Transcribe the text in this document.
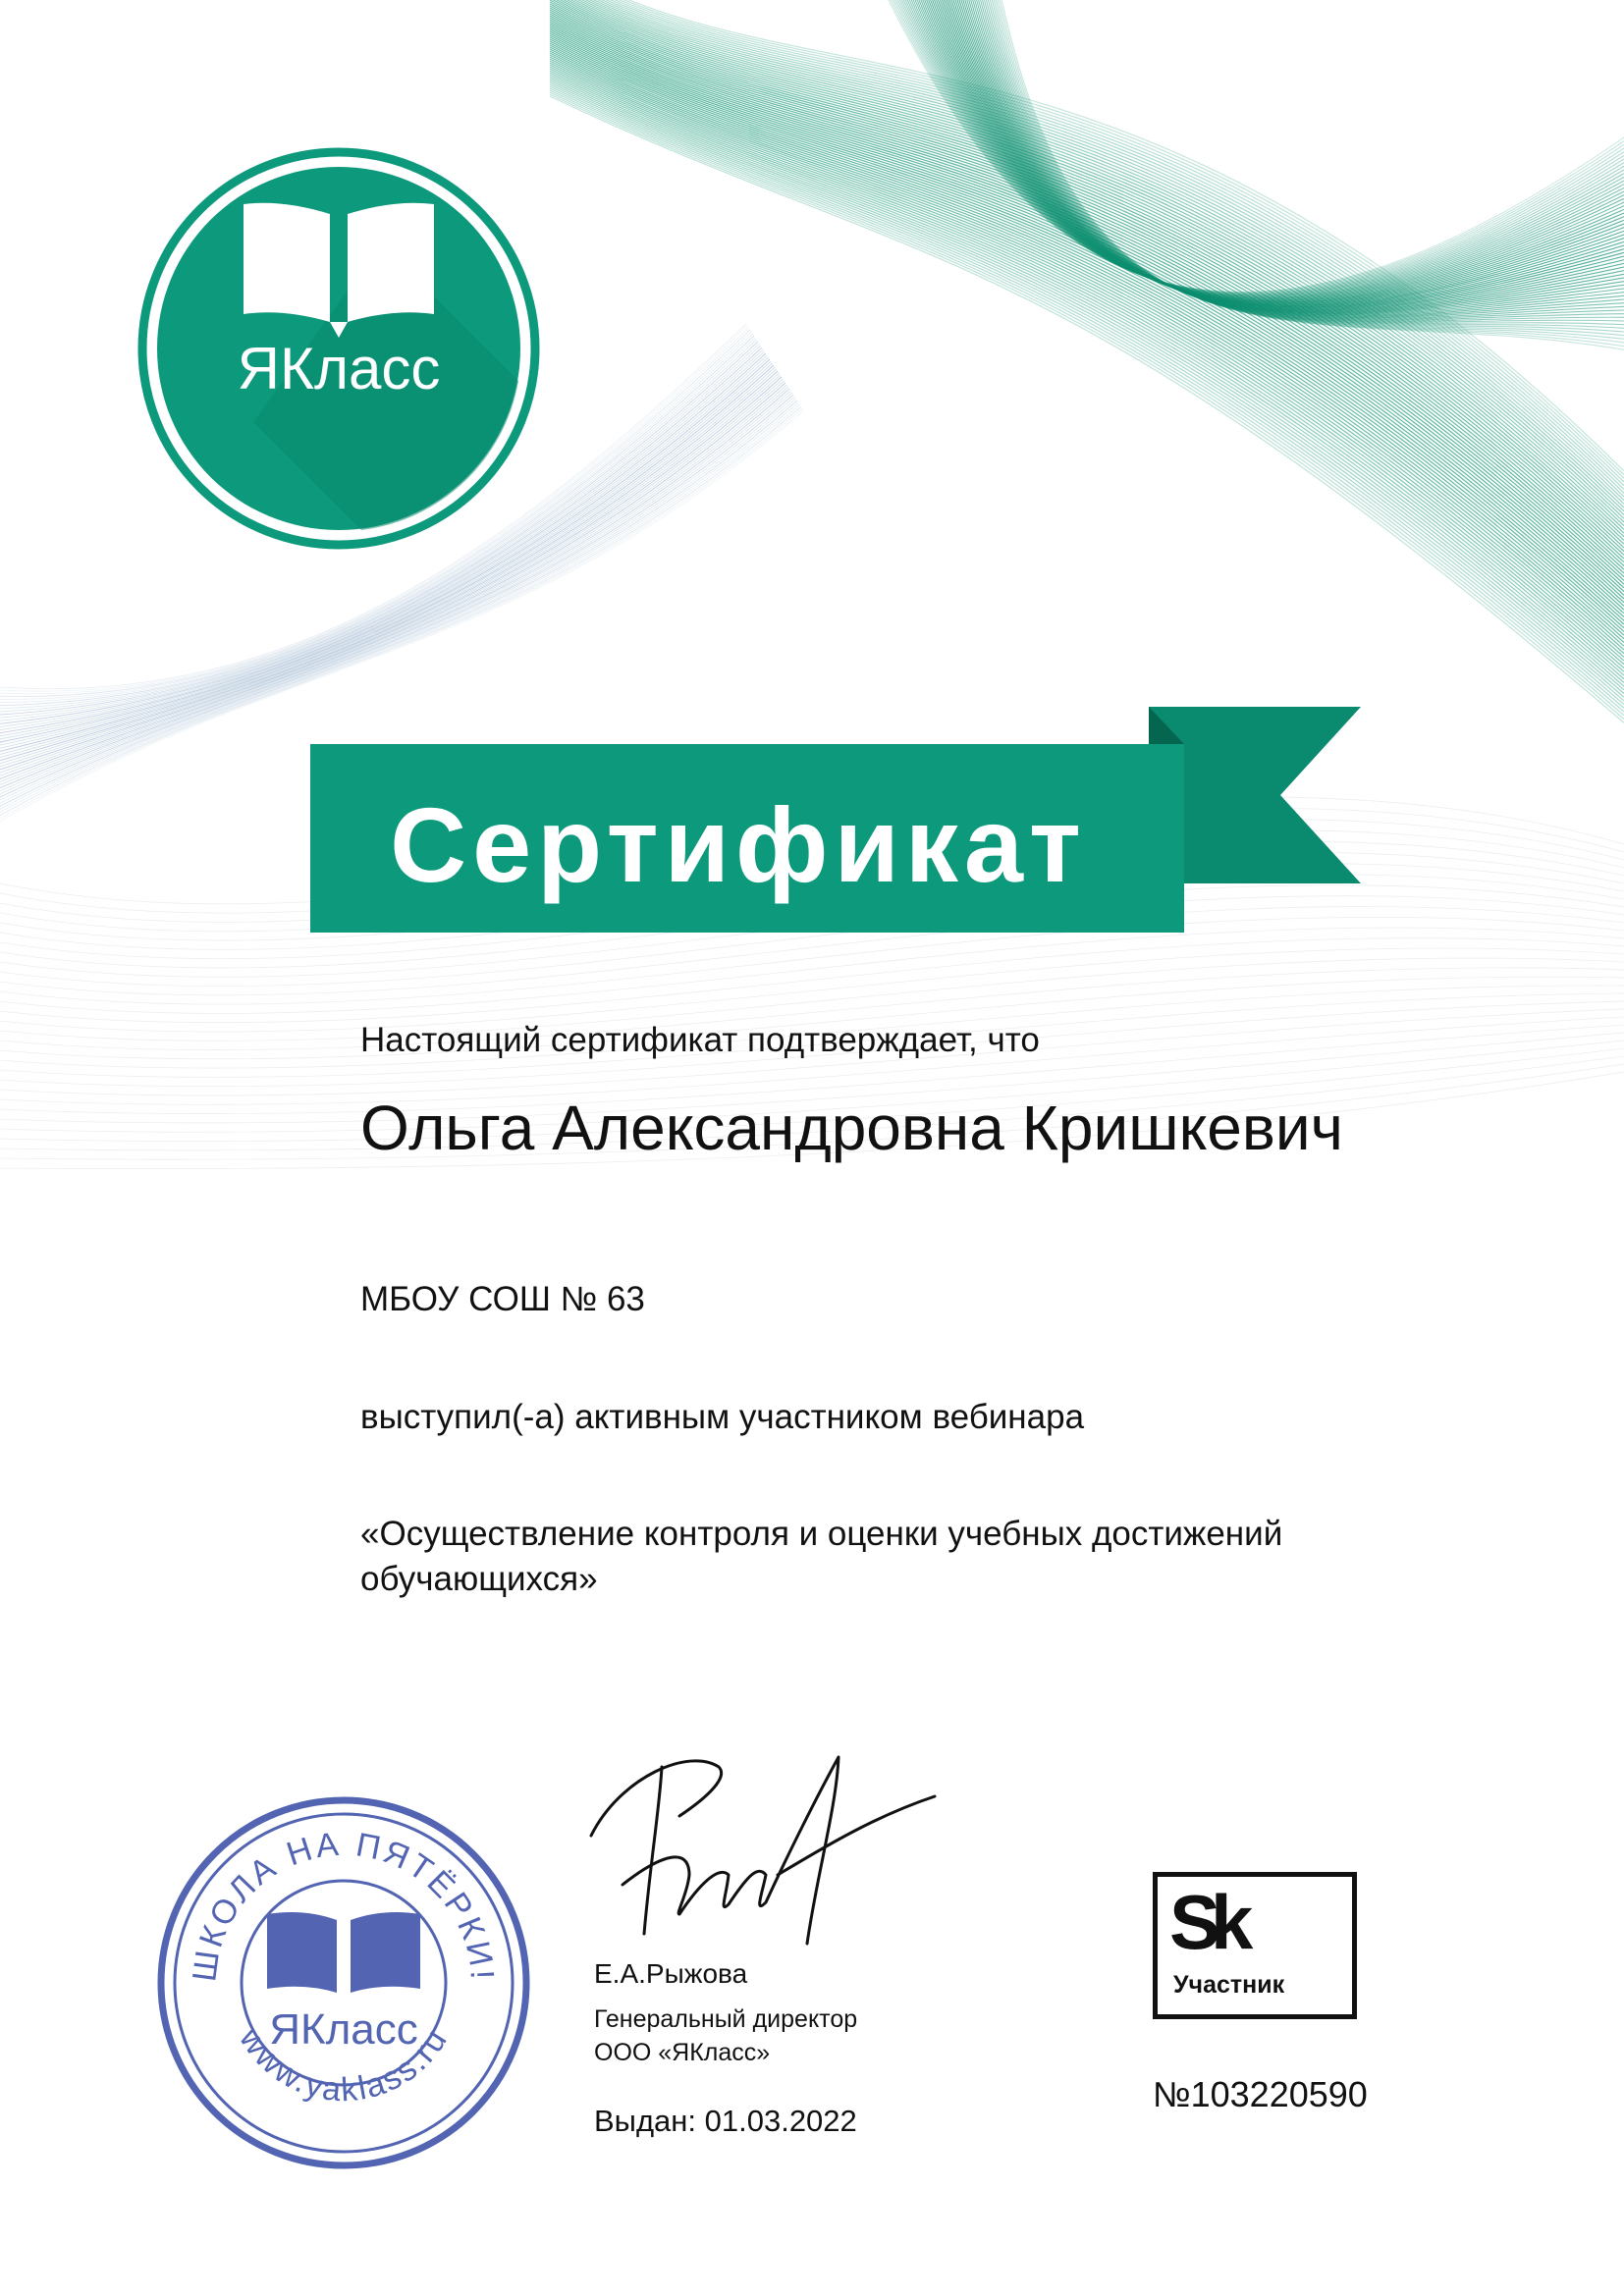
ЯКласс
Сертификат
Настоящий сертификат подтверждает, что
Ольга Александровна Кришкевич
МБОУ СОШ № 63
выступил(-а) активным участником вебинара
«Осуществление контроля и оценки учебных достижений обучающихся»
ШКОЛА НА ПЯТЁРКИ!
www.yaklass.ru
ЯКласс
Е.А.Рыжова
Генеральный директор
ООО «ЯКласс»
Выдан: 01.03.2022
Sk
Участник
№103220590
